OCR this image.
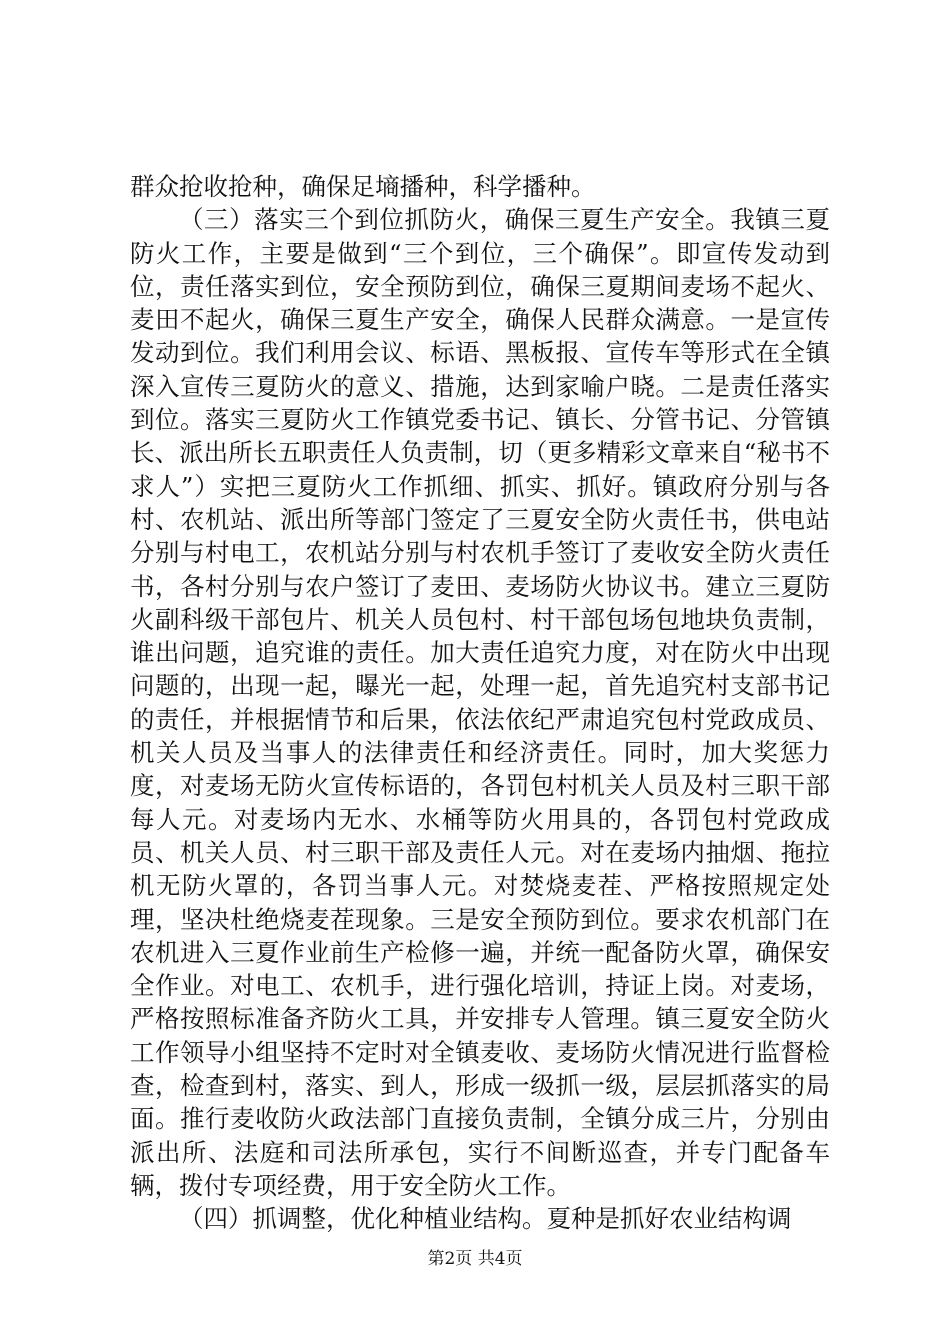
群众抢收抢种，确保足墒播种，科学播种。

（三）落实三个到位抓防火，确保三夏生产安全。我镇三夏防火工作，主要是做到“三个到位，三个确保”。即宣传发动到位，责任落实到位，安全预防到位，确保三夏期间麦场不起火、麦田不起火，确保三夏生产安全，确保人民群众满意。一是宣传发动到位。我们利用会议、标语、黑板报、宣传车等形式在全镇深入宣传三夏防火的意义、措施，达到家喻户晓。二是责任落实到位。落实三夏防火工作镇党委书记、镇长、分管书记、分管镇长、派出所长五职责任人负责制，切（更多精彩文章来自“秘书不求人”）实把三夏防火工作抓细、抓实、抓好。镇政府分别与各村、农机站、派出所等部门签定了三夏安全防火责任书，供电站分别与村电工，农机站分别与村农机手签订了麦收安全防火责任书，各村分别与农户签订了麦田、麦场防火协议书。建立三夏防火副科级干部包片、机关人员包村、村干部包场包地块负责制，谁出问题，追究谁的责任。加大责任追究力度，对在防火中出现问题的，出现一起，曝光一起，处理一起，首先追究村支部书记的责任，并根据情节和后果，依法依纪严肃追究包村党政成员、机关人员及当事人的法律责任和经济责任。同时，加大奖惩力度，对麦场无防火宣传标语的，各罚包村机关人员及村三职干部每人元。对麦场内无水、水桶等防火用具的，各罚包村党政成员、机关人员、村三职干部及责任人元。对在麦场内抽烟、拖拉机无防火罩的，各罚当事人元。对焚烧麦茬、严格按照规定处理，坚决杜绝烧麦茬现象。三是安全预防到位。要求农机部门在农机进入三夏作业前生产检修一遍，并统一配备防火罩，确保安全作业。对电工、农机手，进行强化培训，持证上岗。对麦场，严格按照标准备齐防火工具，并安排专人管理。镇三夏安全防火工作领导小组坚持不定时对全镇麦收、麦场防火情况进行监督检查，检查到村，落实、到人，形成一级抓一级，层层抓落实的局面。推行麦收防火政法部门直接负责制，全镇分成三片，分别由派出所、法庭和司法所承包，实行不间断巡查，并专门配备车辆，拨付专项经费，用于安全防火工作。

（四）抓调整，优化种植业结构。夏种是抓好农业结构调

第2页 共4页
